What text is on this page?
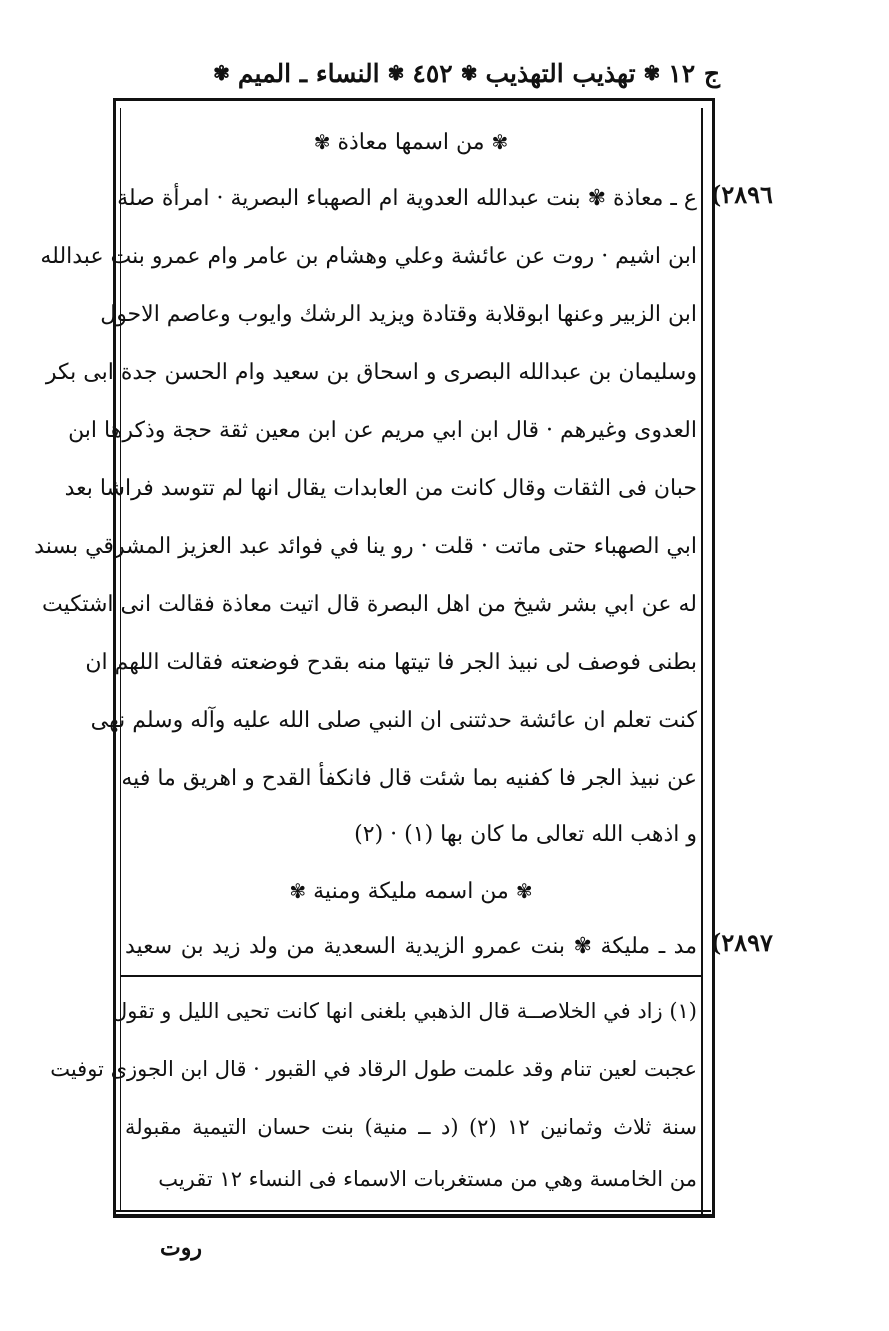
ج ١٢
✾
تهذيب التهذيب
✾
٤٥٢
✾
النساء ـ الميم
✾
✾ من اسمها معاذة ✾
(٢٨٩٦
ع ـ معاذة ✾ بنت عبدالله العدوية ام الصهباء البصرية · امرأة صلة
ابن اشيم · روت عن عائشة وعلي وهشام بن عامر وام عمرو بنت عبدالله
ابن الزبير وعنها ابوقلابة وقتادة ويزيد الرشك وايوب وعاصم الاحول
وسليمان بن عبدالله البصرى و اسحاق بن سعيد وام الحسن جدة ابى بكر
العدوى وغيرهم · قال ابن ابي مريم عن ابن معين ثقة حجة وذكرها ابن
حبان فى الثقات وقال كانت من العابدات يقال انها لم تتوسد فراشا بعد
ابي الصهباء حتى ماتت · قلت · رو ينا في فوائد عبد العزيز المشرقي بسند
له عن ابي بشر شيخ من اهل البصرة قال اتيت معاذة فقالت انى اشتكيت
بطنى فوصف لى نبيذ الجر فا تيتها منه بقدح فوضعته فقالت اللهم ان
كنت تعلم ان عائشة حدثتنى ان النبي صلى الله عليه وآله وسلم نهى
عن نبيذ الجر فا كفنيه بما شئت قال فانكفأ القدح و اهريق ما فيه
و اذهب الله تعالى ما كان بها (١) · (٢)
✾ من اسمه مليكة ومنية ✾
(٢٨٩٧
مد ـ مليكة ✾ بنت عمرو الزيدية السعدية من ولد زيد بن سعيد
(١) زاد في الخلاصــة قال الذهبي بلغنى انها كانت تحيى الليل و تقول
عجبت لعين تنام وقد علمت طول الرقاد في القبور · قال ابن الجوزى توفيت
سنة ثلاث وثمانين ١٢ (٢) (د ــ منية) بنت حسان التيمية مقبولة
من الخامسة وهي من مستغربات الاسماء فى النساء ١٢ تقريب
روت
